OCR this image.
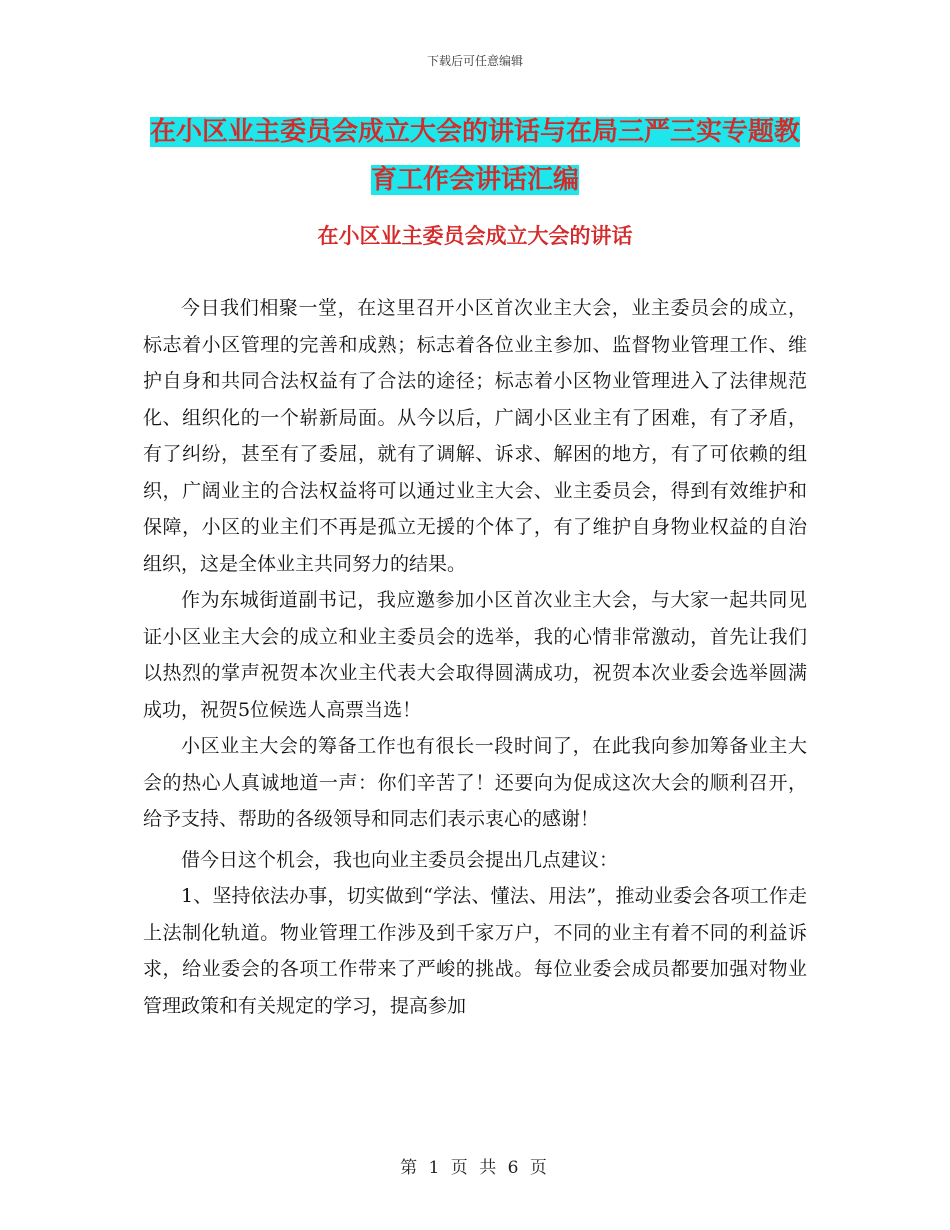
下载后可任意编辑
在小区业主委员会成立大会的讲话与在局三严三实专题教育工作会讲话汇编
在小区业主委员会成立大会的讲话

今日我们相聚一堂，在这里召开小区首次业主大会，业主委员会的成立，标志着小区管理的完善和成熟；标志着各位业主参加、监督物业管理工作、维护自身和共同合法权益有了合法的途径；标志着小区物业管理进入了法律规范化、组织化的一个崭新局面。从今以后，广阔小区业主有了困难，有了矛盾，有了纠纷，甚至有了委屈，就有了调解、诉求、解困的地方，有了可依赖的组织，广阔业主的合法权益将可以通过业主大会、业主委员会，得到有效维护和保障，小区的业主们不再是孤立无援的个体了，有了维护自身物业权益的自治组织，这是全体业主共同努力的结果。

作为东城街道副书记，我应邀参加小区首次业主大会，与大家一起共同见证小区业主大会的成立和业主委员会的选举，我的心情非常激动，首先让我们以热烈的掌声祝贺本次业主代表大会取得圆满成功，祝贺本次业委会选举圆满成功，祝贺5位候选人高票当选！

小区业主大会的筹备工作也有很长一段时间了，在此我向参加筹备业主大会的热心人真诚地道一声：你们辛苦了！还要向为促成这次大会的顺利召开，给予支持、帮助的各级领导和同志们表示衷心的感谢！

借今日这个机会，我也向业主委员会提出几点建议：

1、坚持依法办事，切实做到“学法、懂法、用法”，推动业委会各项工作走上法制化轨道。物业管理工作涉及到千家万户，不同的业主有着不同的利益诉求，给业委会的各项工作带来了严峻的挑战。每位业委会成员都要加强对物业管理政策和有关规定的学习，提高参加

第 1 页 共 6 页
